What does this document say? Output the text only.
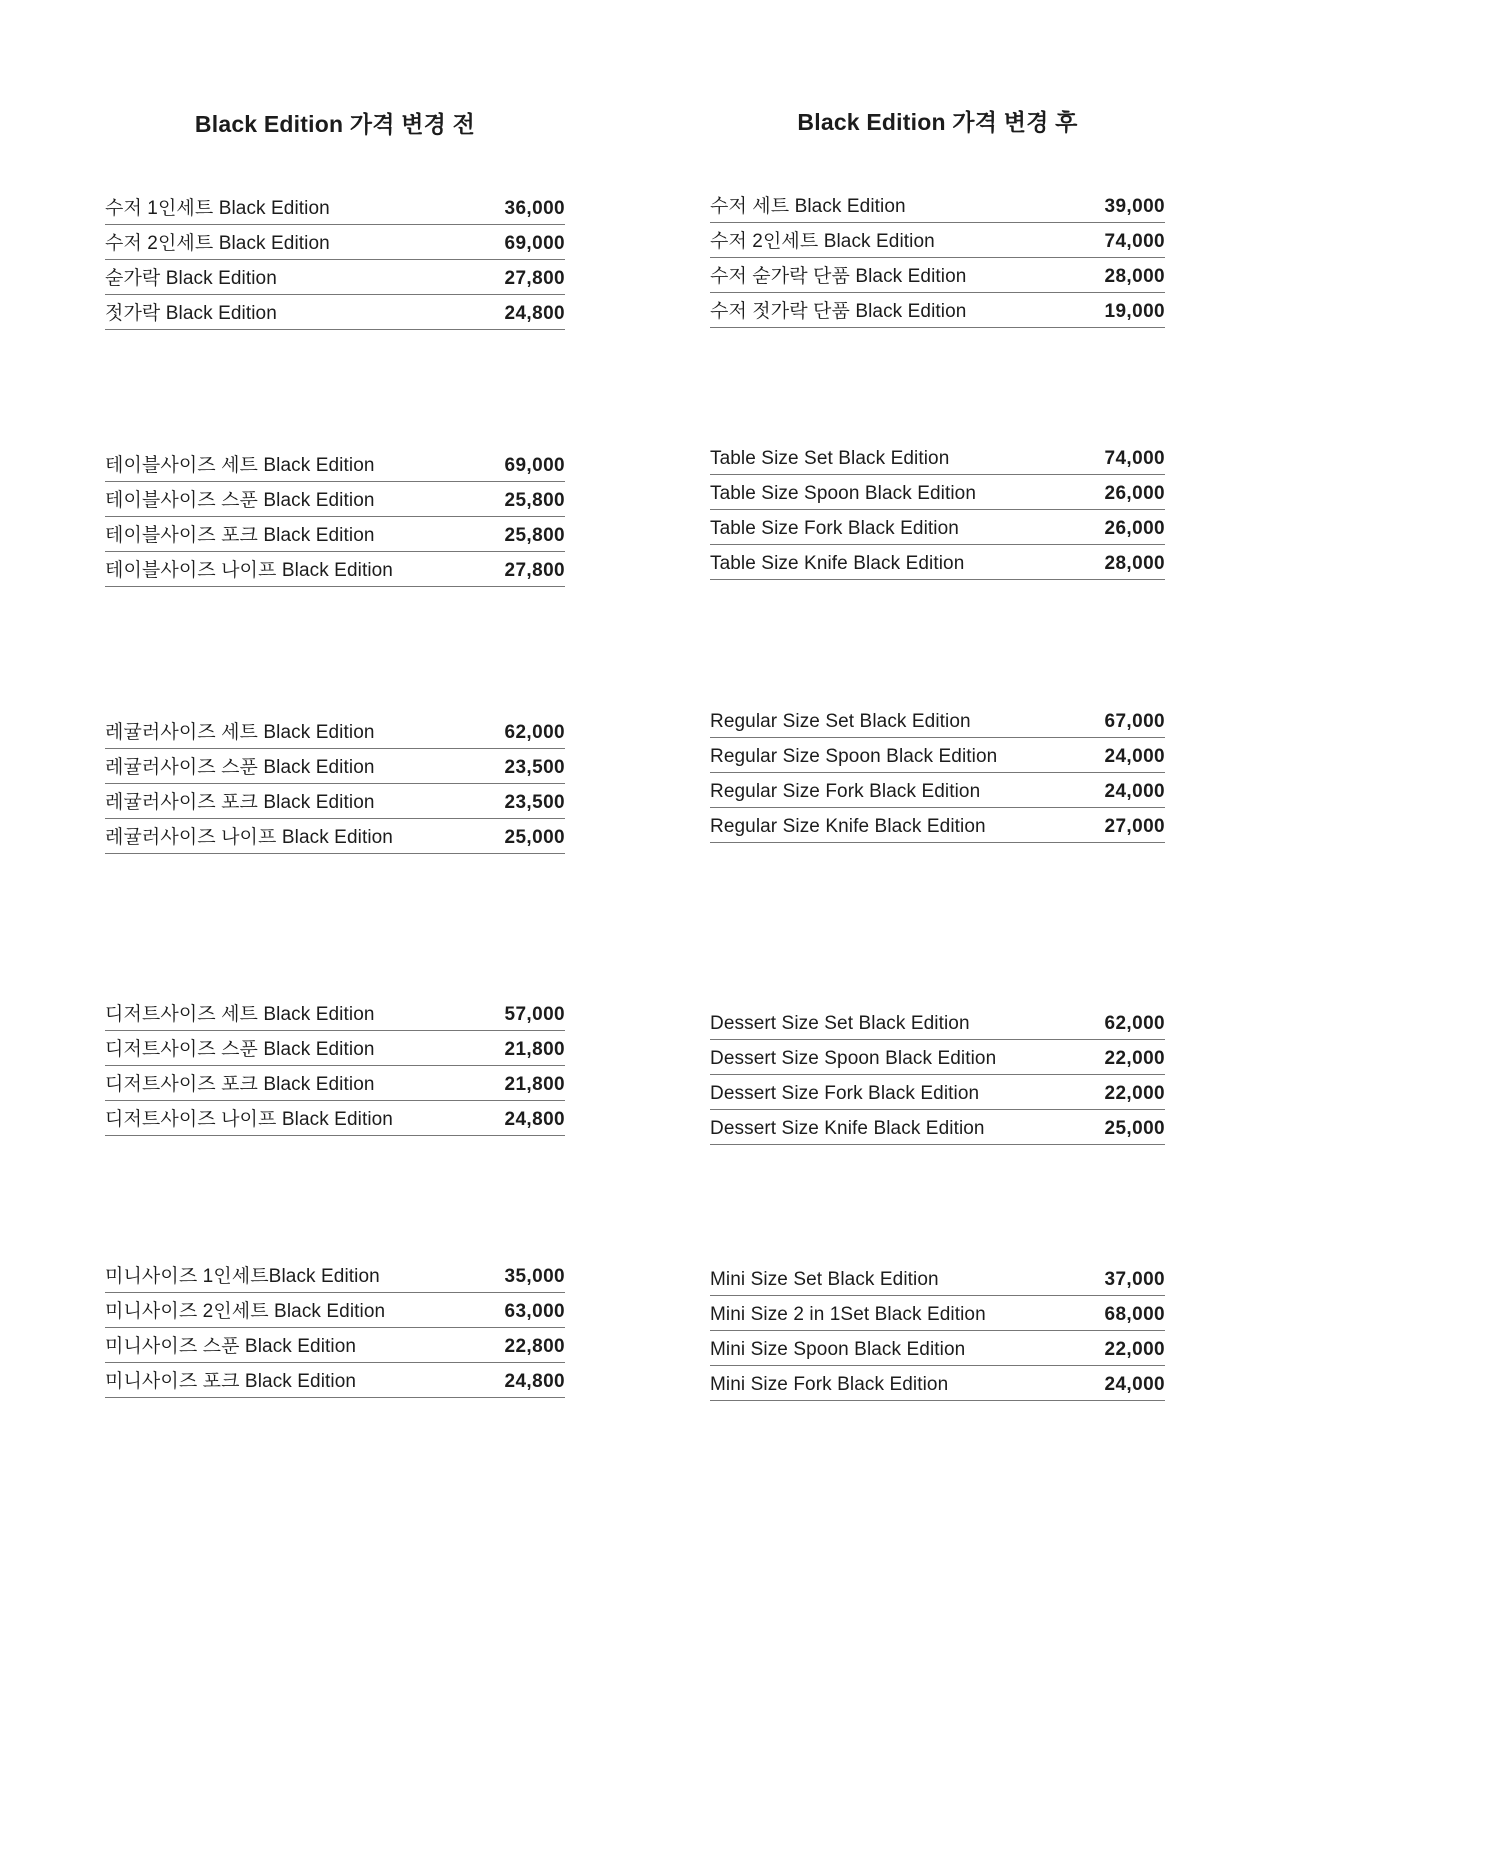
Black Edition 가격 변경 전	Black Edition 가격 변경 후
수저 1인세트 Black Edition	36,000
수저 2인세트 Black Edition	69,000
숟가락 Black Edition	27,800
젓가락 Black Edition	24,800
테이블사이즈 세트 Black Edition	69,000
테이블사이즈 스푼 Black Edition	25,800
테이블사이즈 포크 Black Edition	25,800
테이블사이즈 나이프 Black Edition	27,800
레귤러사이즈 세트 Black Edition	62,000
레귤러사이즈 스푼 Black Edition	23,500
레귤러사이즈 포크 Black Edition	23,500
레귤러사이즈 나이프 Black Edition	25,000
디저트사이즈 세트 Black Edition	57,000
디저트사이즈 스푼 Black Edition	21,800
디저트사이즈 포크 Black Edition	21,800
디저트사이즈 나이프 Black Edition	24,800
미니사이즈 1인세트Black Edition	35,000
미니사이즈 2인세트 Black Edition	63,000
미니사이즈 스푼 Black Edition	22,800
미니사이즈 포크 Black Edition	24,800
수저 세트 Black Edition	39,000
수저 2인세트 Black Edition	74,000
수저 숟가락 단품 Black Edition	28,000
수저 젓가락 단품 Black Edition	19,000
Table Size Set Black Edition	74,000
Table Size Spoon Black Edition	26,000
Table Size Fork Black Edition	26,000
Table Size Knife Black Edition	28,000
Regular Size Set Black Edition	67,000
Regular Size Spoon Black Edition	24,000
Regular Size Fork Black Edition	24,000
Regular Size Knife Black Edition	27,000
Dessert Size Set Black Edition	62,000
Dessert Size Spoon Black Edition	22,000
Dessert Size Fork Black Edition	22,000
Dessert Size Knife Black Edition	25,000
Mini Size Set Black Edition	37,000
Mini Size 2 in 1Set Black Edition	68,000
Mini Size Spoon Black Edition	22,000
Mini Size Fork Black Edition	24,000
